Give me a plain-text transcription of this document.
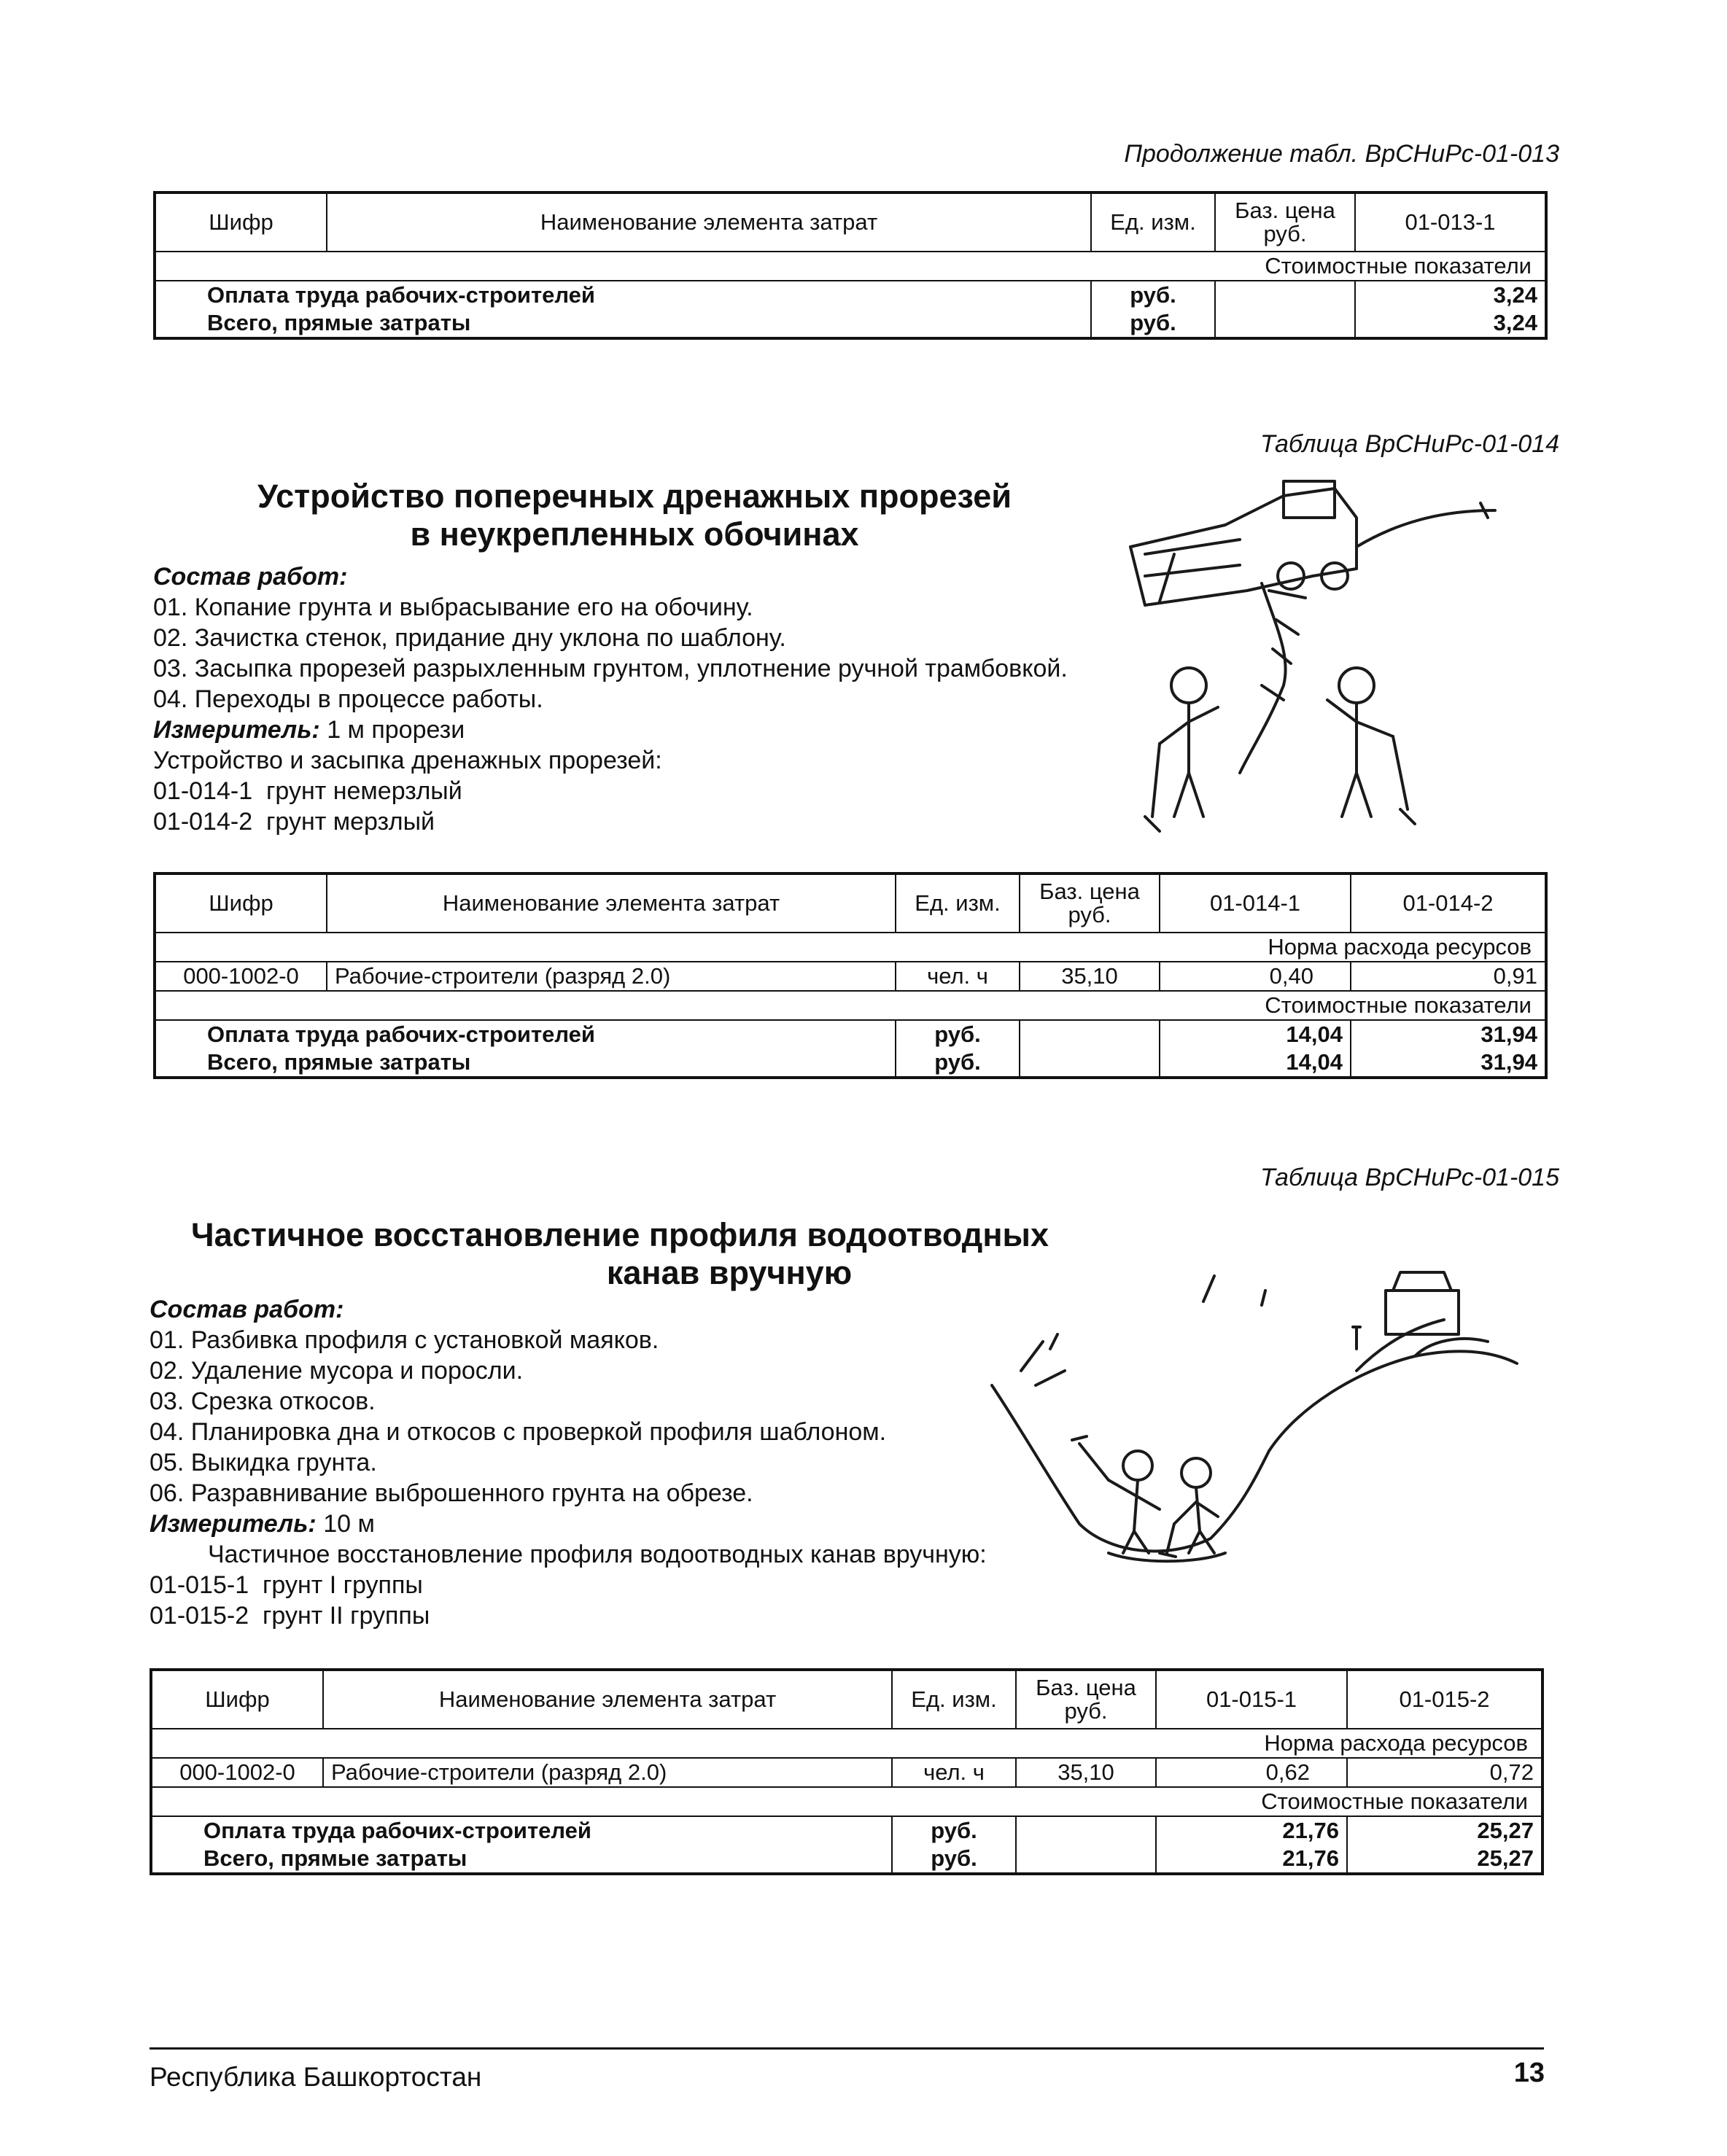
Продолжение табл. ВрСНиРс-01-013
Шифр	Наименование элемента затрат	Ед. изм.	Баз. цена руб.	01-013-1
			Стоимостные показатели	
Оплата труда рабочих-строителей		руб.		3,24
Всего, прямые затраты		руб.		3,24
Таблица ВрСНиРс-01-014
Устройство поперечных дренажных прорезей
в неукрепленных обочинах
Состав работ:
01. Копание грунта и выбрасывание его на обочину.
02. Зачистка стенок, придание дну уклона по шаблону.
03. Засыпка прорезей разрыхленным грунтом, уплотнение ручной трамбовкой.
04. Переходы в процессе работы.
Измеритель: 1 м прорези
Устройство и засыпка дренажных прорезей:
01-014-1 грунт немерзлый
01-014-2 грунт мерзлый
Шифр	Наименование элемента затрат	Ед. изм.	Баз. цена руб.	01-014-1	01-014-2
				Норма расхода ресурсов	
000-1002-0	Рабочие-строители (разряд 2.0)	чел. ч	35,10	0,40	0,91
				Стоимостные показатели	
Оплата труда рабочих-строителей		руб.		14,04	31,94
Всего, прямые затраты		руб.		14,04	31,94
Таблица ВрСНиРс-01-015
Частичное восстановление профиля водоотводных
канав вручную
Состав работ:
01. Разбивка профиля с установкой маяков.
02. Удаление мусора и поросли.
03. Срезка откосов.
04. Планировка дна и откосов с проверкой профиля шаблоном.
05. Выкидка грунта.
06. Разравнивание выброшенного грунта на обрезе.
Измеритель: 10 м
Частичное восстановление профиля водоотводных канав вручную:
01-015-1 грунт I группы
01-015-2 грунт II группы
Шифр	Наименование элемента затрат	Ед. изм.	Баз. цена руб.	01-015-1	01-015-2
				Норма расхода ресурсов	
000-1002-0	Рабочие-строители (разряд 2.0)	чел. ч	35,10	0,62	0,72
				Стоимостные показатели	
Оплата труда рабочих-строителей		руб.		21,76	25,27
Всего, прямые затраты		руб.		21,76	25,27
Республика Башкортостан	13
